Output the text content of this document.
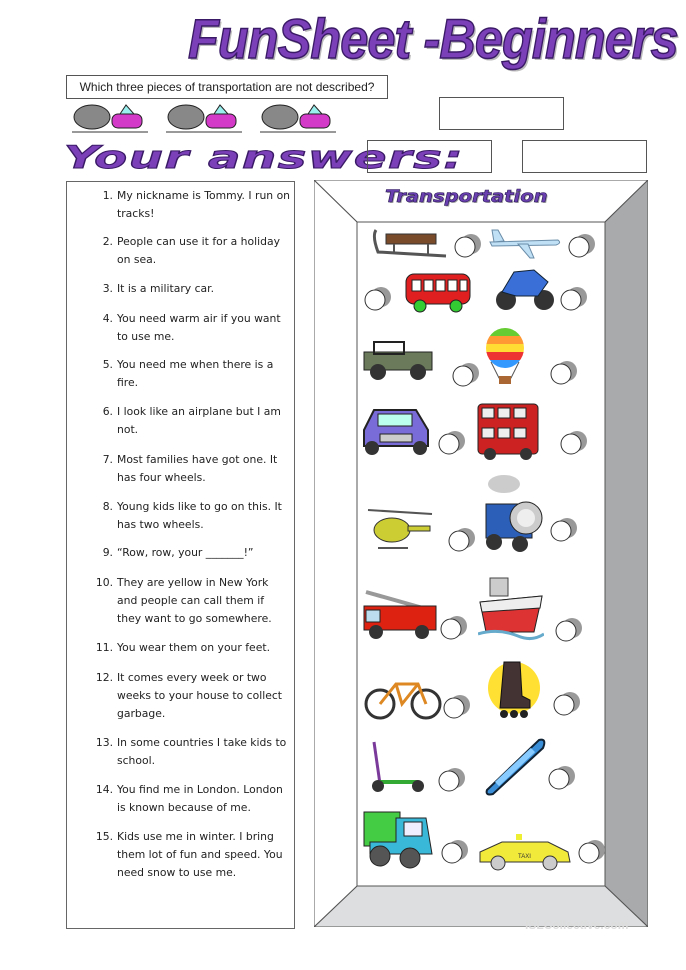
FunSheet -Beginners
Which three pieces of transportation are not described?
Your answers:
1. My nickname is Tommy. I run on tracks!
2. People can use it for a holiday on sea.
3. It is a military car.
4. You need warm air if you want to use me.
5. You need me when there is a fire.
6. I look like an airplane but I am not.
7. Most families have got one. It has four wheels.
8. Young kids like to go on this. It has two wheels.
9. “Row, row, your _______!”
10. They are yellow in New York and people can call them if they want to go somewhere.
11. You wear them on your feet.
12. It comes every week or two weeks to your house to collect garbage.
13. In some countries I take kids to school.
14. You find me in London. London is known because of me.
15. Kids use me in winter. I bring them lot of fun and speed. You need snow to use me.
Transportation
TAXI
iSLCollective.com
